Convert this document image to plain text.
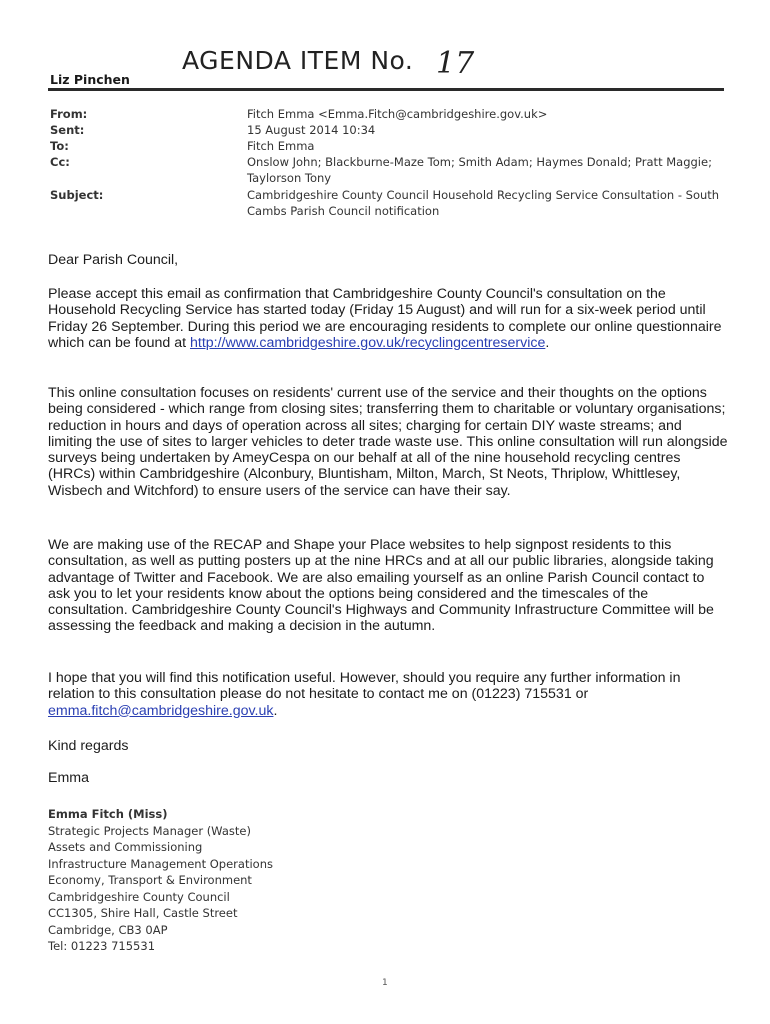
AGENDA ITEM No. 17
Liz Pinchen
From:	Fitch Emma <Emma.Fitch@cambridgeshire.gov.uk>
Sent:	15 August 2014 10:34
To:	Fitch Emma
Cc:	Onslow John; Blackburne-Maze Tom; Smith Adam; Haymes Donald; Pratt Maggie; Taylorson Tony
Subject:	Cambridgeshire County Council Household Recycling Service Consultation - South Cambs Parish Council notification
Dear Parish Council,

Please accept this email as confirmation that Cambridgeshire County Council's consultation on the Household Recycling Service has started today (Friday 15 August) and will run for a six-week period until Friday 26 September. During this period we are encouraging residents to complete our online questionnaire which can be found at http://www.cambridgeshire.gov.uk/recyclingcentreservice.

This online consultation focuses on residents' current use of the service and their thoughts on the options being considered - which range from closing sites; transferring them to charitable or voluntary organisations; reduction in hours and days of operation across all sites; charging for certain DIY waste streams; and limiting the use of sites to larger vehicles to deter trade waste use. This online consultation will run alongside surveys being undertaken by AmeyCespa on our behalf at all of the nine household recycling centres (HRCs) within Cambridgeshire (Alconbury, Bluntisham, Milton, March, St Neots, Thriplow, Whittlesey, Wisbech and Witchford) to ensure users of the service can have their say.
We are making use of the RECAP and Shape your Place websites to help signpost residents to this consultation, as well as putting posters up at the nine HRCs and at all our public libraries, alongside taking advantage of Twitter and Facebook. We are also emailing yourself as an online Parish Council contact to ask you to let your residents know about the options being considered and the timescales of the consultation. Cambridgeshire County Council's Highways and Community Infrastructure Committee will be assessing the feedback and making a decision in the autumn.

I hope that you will find this notification useful. However, should you require any further information in relation to this consultation please do not hesitate to contact me on (01223) 715531 or emma.fitch@cambridgeshire.gov.uk.

Kind regards
Emma
Emma Fitch (Miss)
Strategic Projects Manager (Waste)
Assets and Commissioning
Infrastructure Management Operations
Economy, Transport & Environment
Cambridgeshire County Council
CC1305, Shire Hall, Castle Street
Cambridge, CB3 0AP
Tel: 01223 715531
1
